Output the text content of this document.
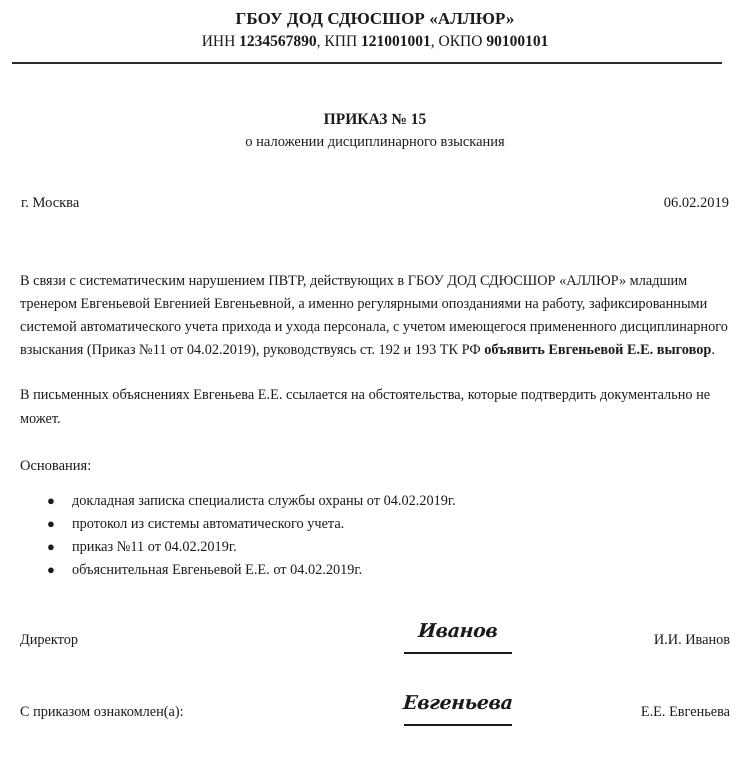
ГБОУ ДОД СДЮСШОР «АЛЛЮР»
ИНН 1234567890, КПП 121001001, ОКПО 90100101
ПРИКАЗ № 15
о наложении дисциплинарного взыскания
г. Москва	06.02.2019

В связи с систематическим нарушением ПВТР, действующих в ГБОУ ДОД СДЮСШОР «АЛЛЮР» младшим тренером Евгеньевой Евгенией Евгеньевной, а именно регулярными опозданиями на работу, зафиксированными системой автоматического учета прихода и ухода персонала, с учетом имеющегося примененного дисциплинарного взыскания (Приказ №11 от 04.02.2019), руководствуясь ст. 192 и 193 ТК РФ объявить Евгеньевой Е.Е. выговор.

В письменных объяснениях Евгеньева Е.Е. ссылается на обстоятельства, которые подтвердить документально не может.

Основания:
● докладная записка специалиста службы охраны от 04.02.2019г.
● протокол из системы автоматического учета.
● приказ №11 от 04.02.2019г.
● объяснительная Евгеньевой Е.Е. от 04.02.2019г.
Директор	Иванов	И.И. Иванов
С приказом ознакомлен(а):	Евгеньева	Е.Е. Евгеньева
